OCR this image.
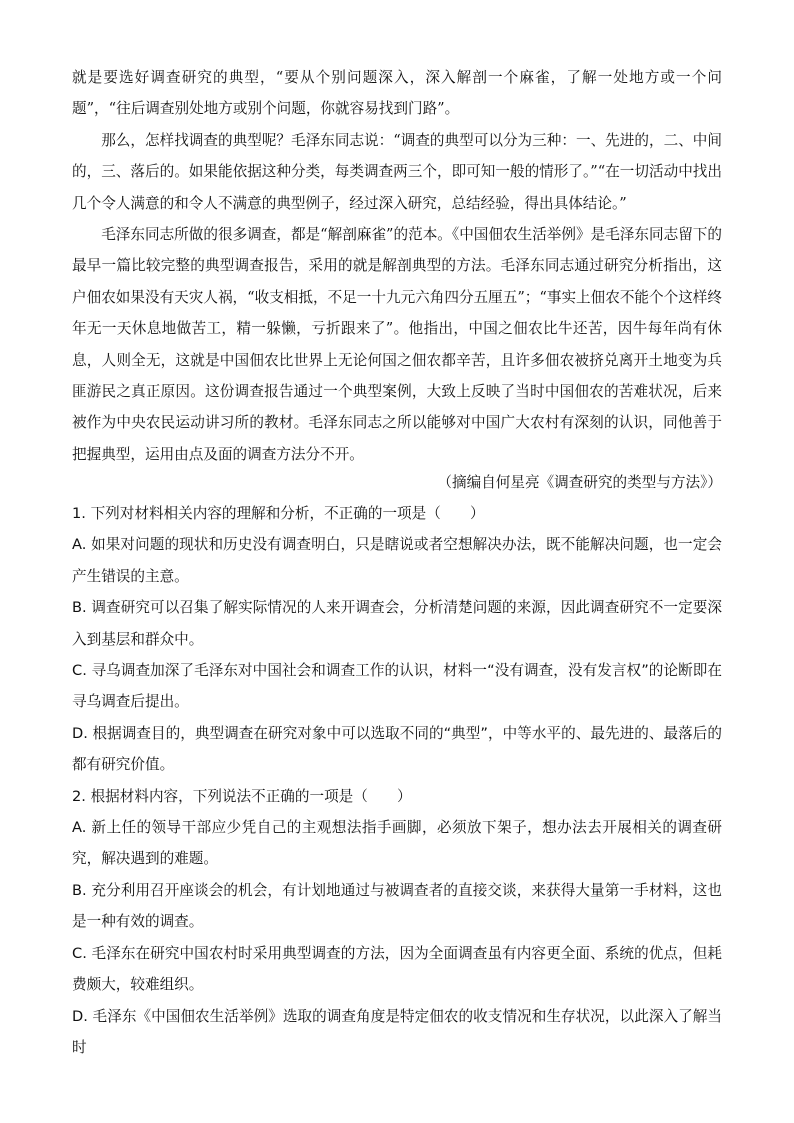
就是要选好调查研究的典型，“要从个别问题深入，深入解剖一个麻雀，了解一处地方或一个问题”，“往后调查别处地方或别个问题，你就容易找到门路”。

那么，怎样找调查的典型呢？毛泽东同志说：“调查的典型可以分为三种：一、先进的，二、中间的，三、落后的。如果能依据这种分类，每类调查两三个，即可知一般的情形了。”“在一切活动中找出几个令人满意的和令人不满意的典型例子，经过深入研究，总结经验，得出具体结论。”

毛泽东同志所做的很多调查，都是“解剖麻雀”的范本。《中国佃农生活举例》是毛泽东同志留下的最早一篇比较完整的典型调查报告，采用的就是解剖典型的方法。毛泽东同志通过研究分析指出，这户佃农如果没有天灾人祸，“收支相抵，不足一十九元六角四分五厘五”；“事实上佃农不能个个这样终年无一天休息地做苦工，精一躲懒，亏折跟来了”。他指出，中国之佃农比牛还苦，因牛每年尚有休息，人则全无，这就是中国佃农比世界上无论何国之佃农都辛苦，且许多佃农被挤兑离开土地变为兵匪游民之真正原因。这份调查报告通过一个典型案例，大致上反映了当时中国佃农的苦难状况，后来被作为中央农民运动讲习所的教材。毛泽东同志之所以能够对中国广大农村有深刻的认识，同他善于把握典型，运用由点及面的调查方法分不开。

（摘编自何星亮《调查研究的类型与方法》）

1. 下列对材料相关内容的理解和分析，不正确的一项是（　　）

A. 如果对问题的现状和历史没有调查明白，只是瞎说或者空想解决办法，既不能解决问题，也一定会产生错误的主意。

B. 调查研究可以召集了解实际情况的人来开调查会，分析清楚问题的来源，因此调查研究不一定要深入到基层和群众中。

C. 寻乌调查加深了毛泽东对中国社会和调查工作的认识，材料一“没有调查，没有发言权”的论断即在寻乌调查后提出。

D. 根据调查目的，典型调查在研究对象中可以选取不同的“典型”，中等水平的、最先进的、最落后的都有研究价值。

2. 根据材料内容，下列说法不正确的一项是（　　）

A. 新上任的领导干部应少凭自己的主观想法指手画脚，必须放下架子，想办法去开展相关的调查研究，解决遇到的难题。

B. 充分利用召开座谈会的机会，有计划地通过与被调查者的直接交谈，来获得大量第一手材料，这也是一种有效的调查。

C. 毛泽东在研究中国农村时采用典型调查的方法，因为全面调查虽有内容更全面、系统的优点，但耗费颇大，较难组织。

D. 毛泽东《中国佃农生活举例》选取的调查角度是特定佃农的收支情况和生存状况，以此深入了解当时
